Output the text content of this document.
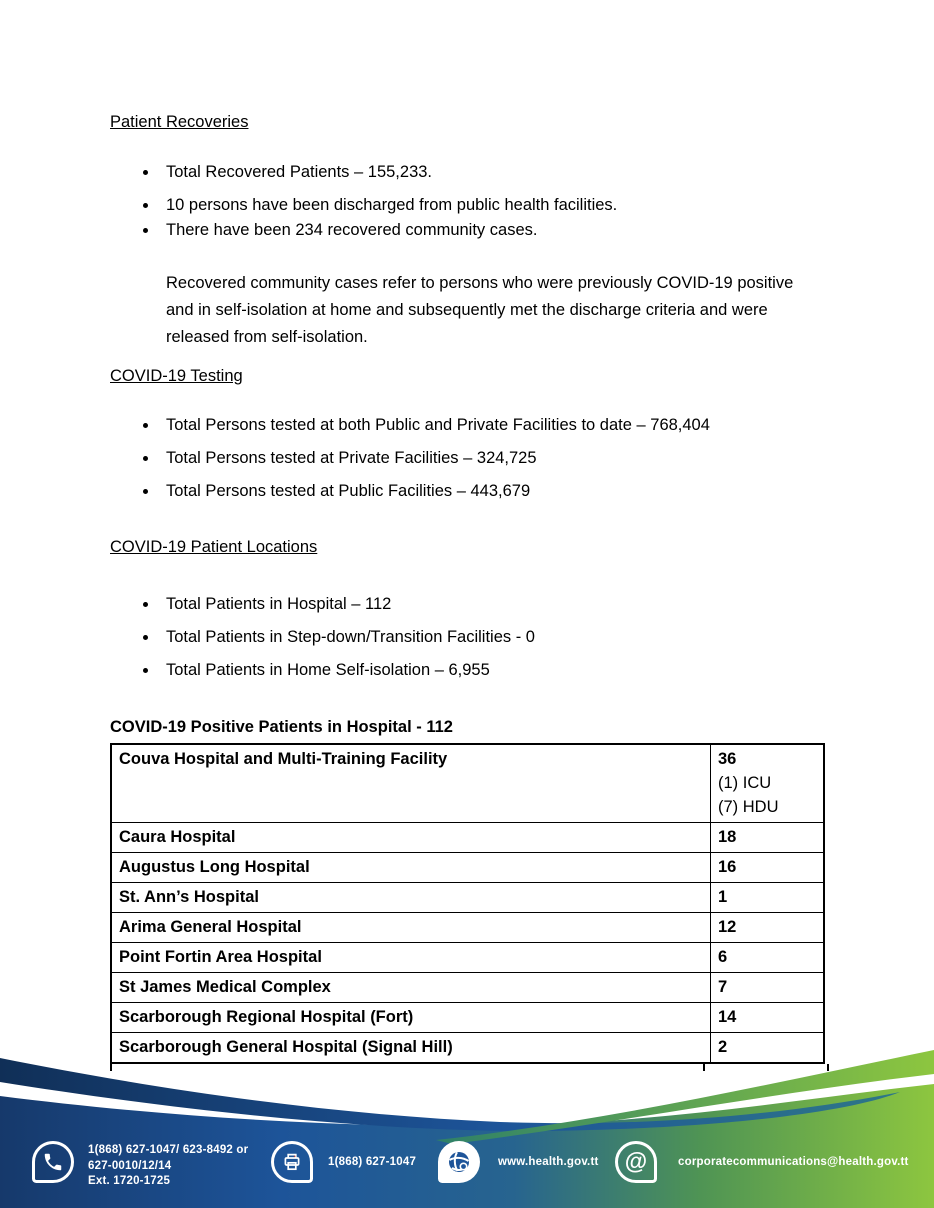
Patient Recoveries
Total Recovered Patients – 155,233.
10 persons have been discharged from public health facilities.
There have been 234 recovered community cases.
Recovered community cases refer to persons who were previously COVID-19 positive
and in self-isolation at home and subsequently met the discharge criteria and were
released from self-isolation.
COVID-19 Testing
Total Persons tested at both Public and Private Facilities to date – 768,404
Total Persons tested at Private Facilities – 324,725
Total Persons tested at Public Facilities – 443,679
COVID-19 Patient Locations
Total Patients in Hospital – 112
Total Patients in Step-down/Transition Facilities - 0
Total Patients in Home Self-isolation – 6,955
COVID-19 Positive Patients in Hospital - 112
Couva Hospital and Multi-Training Facility	36
(1) ICU
(7) HDU

Caura Hospital	18
Augustus Long Hospital	16
St. Ann’s Hospital	1
Arima General Hospital	12
Point Fortin Area Hospital	6
St James Medical Complex	7
Scarborough Regional Hospital (Fort)	14
Scarborough General Hospital (Signal Hill)	2
1(868) 627-1047/ 623-8492 or
627-0010/12/14
Ext. 1720-1725
1(868) 627-1047	www.health.gov.tt @	corporatecommunications@health.gov.tt
